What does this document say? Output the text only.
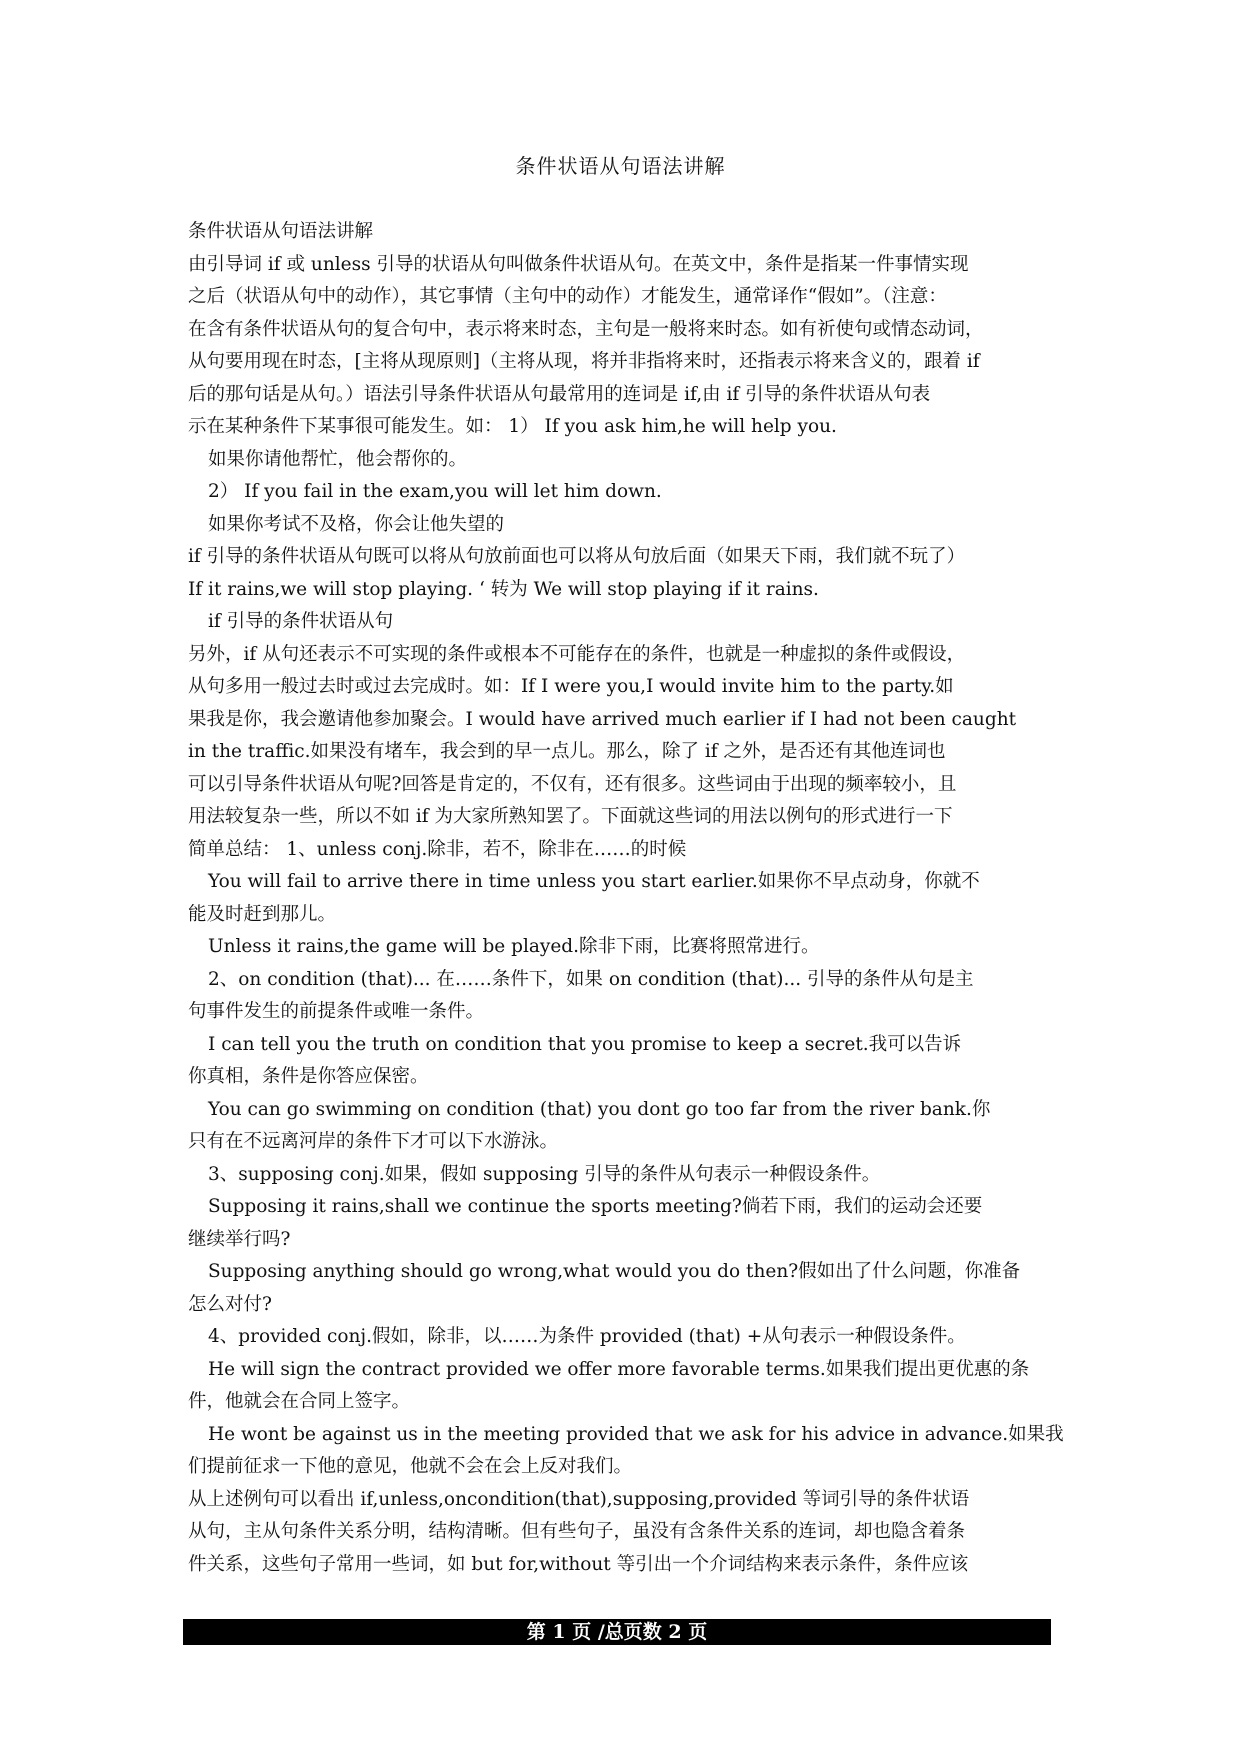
条件状语从句语法讲解
条件状语从句语法讲解
由引导词 if 或 unless 引导的状语从句叫做条件状语从句。在英文中，条件是指某一件事情实现
之后（状语从句中的动作），其它事情（主句中的动作）才能发生，通常译作“假如”。（注意：
在含有条件状语从句的复合句中，表示将来时态，主句是一般将来时态。如有祈使句或情态动词，
从句要用现在时态，[主将从现原则]（主将从现，将并非指将来时，还指表示将来含义的，跟着 if
后的那句话是从句。）语法引导条件状语从句最常用的连词是 if,由 if 引导的条件状语从句表
示在某种条件下某事很可能发生。如： 1） If you ask him,he will help you.
如果你请他帮忙，他会帮你的。
2） If you fail in the exam,you will let him down.
如果你考试不及格，你会让他失望的
if 引导的条件状语从句既可以将从句放前面也可以将从句放后面（如果天下雨，我们就不玩了）
If it rains,we will stop playing. ‘ 转为 We will stop playing if it rains.
if 引导的条件状语从句
另外，if 从句还表示不可实现的条件或根本不可能存在的条件，也就是一种虚拟的条件或假设，
从句多用一般过去时或过去完成时。如：If I were you,I would invite him to the party.如
果我是你，我会邀请他参加聚会。I would have arrived much earlier if I had not been caught
in the traffic.如果没有堵车，我会到的早一点儿。那么，除了 if 之外，是否还有其他连词也
可以引导条件状语从句呢?回答是肯定的，不仅有，还有很多。这些词由于出现的频率较小，且
用法较复杂一些，所以不如 if 为大家所熟知罢了。下面就这些词的用法以例句的形式进行一下
简单总结： 1、unless conj.除非，若不，除非在……的时候
You will fail to arrive there in time unless you start earlier.如果你不早点动身，你就不
能及时赶到那儿。
Unless it rains,the game will be played.除非下雨，比赛将照常进行。
2、on condition (that)... 在……条件下，如果 on condition (that)... 引导的条件从句是主
句事件发生的前提条件或唯一条件。
I can tell you the truth on condition that you promise to keep a secret.我可以告诉
你真相，条件是你答应保密。
You can go swimming on condition (that) you dont go too far from the river bank.你
只有在不远离河岸的条件下才可以下水游泳。
3、supposing conj.如果，假如 supposing 引导的条件从句表示一种假设条件。
Supposing it rains,shall we continue the sports meeting?倘若下雨，我们的运动会还要
继续举行吗?
Supposing anything should go wrong,what would you do then?假如出了什么问题，你准备
怎么对付?
4、provided conj.假如，除非，以……为条件 provided (that) +从句表示一种假设条件。
He will sign the contract provided we offer more favorable terms.如果我们提出更优惠的条
件，他就会在合同上签字。
He wont be against us in the meeting provided that we ask for his advice in advance.如果我
们提前征求一下他的意见，他就不会在会上反对我们。
从上述例句可以看出 if,unless,oncondition(that),supposing,provided 等词引导的条件状语
从句，主从句条件关系分明，结构清晰。但有些句子，虽没有含条件关系的连词，却也隐含着条
件关系，这些句子常用一些词，如 but for,without 等引出一个介词结构来表示条件，条件应该
第 1 页 /总页数 2 页
